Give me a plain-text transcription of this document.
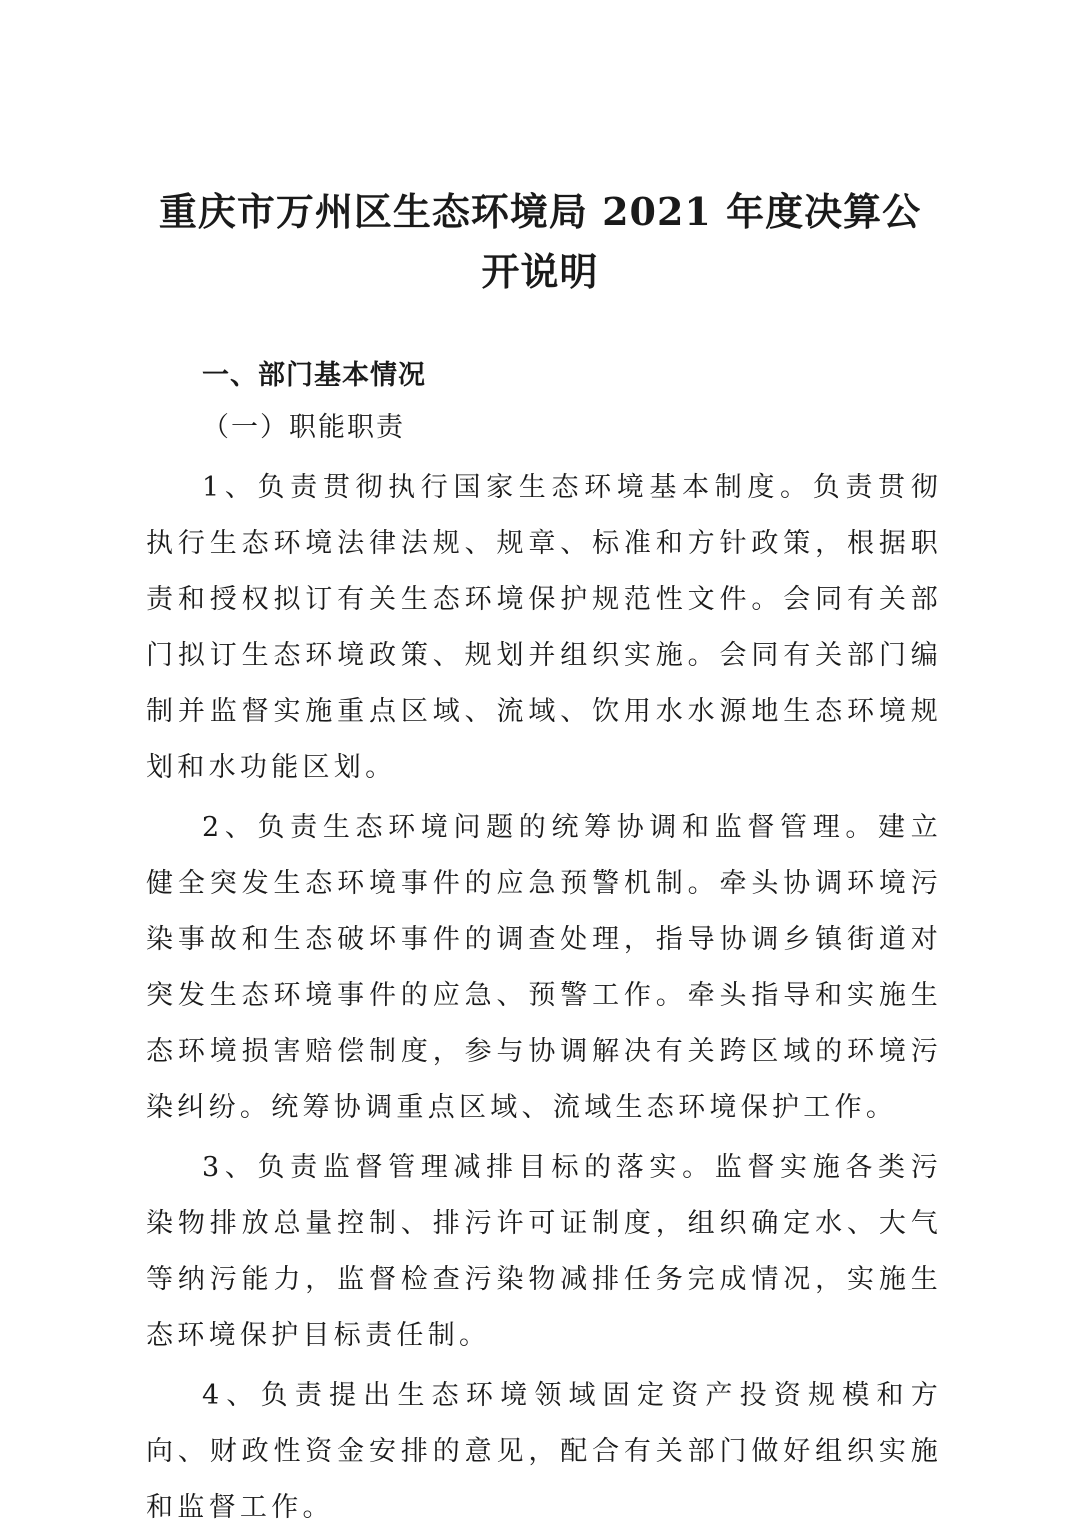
重庆市万州区生态环境局 2021 年度决算公开说明

一、部门基本情况

（一）职能职责

1、负责贯彻执行国家生态环境基本制度。负责贯彻执行生态环境法律法规、规章、标准和方针政策，根据职责和授权拟订有关生态环境保护规范性文件。会同有关部门拟订生态环境政策、规划并组织实施。会同有关部门编制并监督实施重点区域、流域、饮用水水源地生态环境规划和水功能区划。

2、负责生态环境问题的统筹协调和监督管理。建立健全突发生态环境事件的应急预警机制。牵头协调环境污染事故和生态破坏事件的调查处理，指导协调乡镇街道对突发生态环境事件的应急、预警工作。牵头指导和实施生态环境损害赔偿制度，参与协调解决有关跨区域的环境污染纠纷。统筹协调重点区域、流域生态环境保护工作。

3、负责监督管理减排目标的落实。监督实施各类污染物排放总量控制、排污许可证制度，组织确定水、大气等纳污能力，监督检查污染物减排任务完成情况，实施生态环境保护目标责任制。

4、负责提出生态环境领域固定资产投资规模和方向、财政性资金安排的意见，配合有关部门做好组织实施和监督工作。
